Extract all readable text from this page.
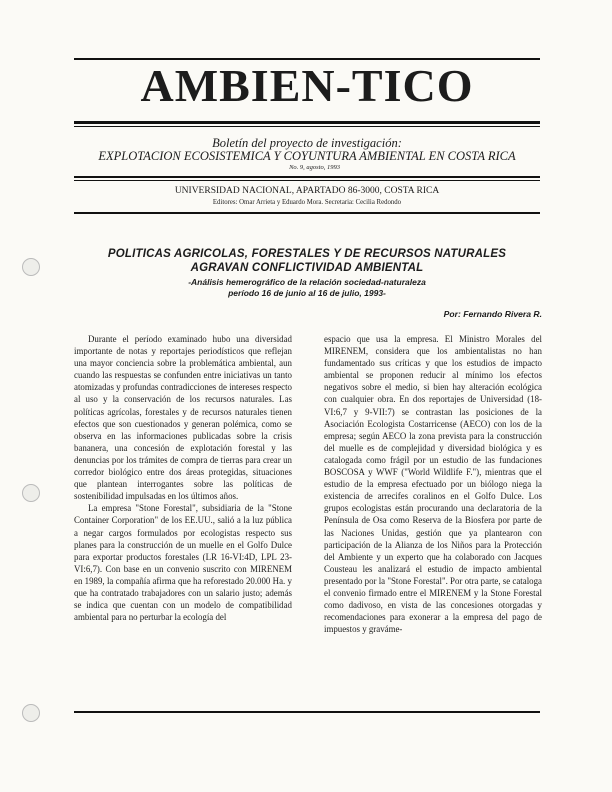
AMBIEN-TICO
Boletín del proyecto de investigación:
EXPLOTACION ECOSISTEMICA Y COYUNTURA AMBIENTAL EN COSTA RICA
No. 9, agosto, 1993
UNIVERSIDAD NACIONAL, APARTADO 86-3000, COSTA RICA
Editores: Omar Arrieta y Eduardo Mora. Secretaria: Cecilia Redondo
POLITICAS AGRICOLAS, FORESTALES Y DE RECURSOS NATURALES
AGRAVAN CONFLICTIVIDAD AMBIENTAL
-Análisis hemerográfico de la relación sociedad-naturaleza
período 16 de junio al 16 de julio, 1993-
Por: Fernando Rivera R.

Durante el período examinado hubo una diversidad importante de notas y reportajes periodísticos que reflejan una mayor conciencia sobre la problemática ambiental, aun cuando las respuestas se confunden entre iniciativas un tanto atomizadas y profundas contradicciones de intereses respecto al uso y la conservación de los recursos naturales. Las políticas agrícolas, forestales y de recursos naturales tienen efectos que son cuestionados y generan polémica, como se observa en las informaciones publicadas sobre la crisis bananera, una concesión de explotación forestal y las denuncias por los trámites de compra de tierras para crear un corredor biológico entre dos áreas protegidas, situaciones que plantean interrogantes sobre las políticas de sostenibilidad impulsadas en los últimos años.

La empresa "Stone Forestal", subsidiaria de la "Stone Container Corporation" de los EE.UU., salió a la luz pública a negar cargos formulados por ecologistas respecto sus planes para la construcción de un muelle en el Golfo Dulce para exportar productos forestales (LR 16-VI:4D, LPL 23-VI:6,7). Con base en un convenio suscrito con MIRENEM en 1989, la compañía afirma que ha reforestado 20.000 Ha. y que ha contratado trabajadores con un salario justo; además se indica que cuentan con un modelo de compatibilidad ambiental para no perturbar la ecología del

espacio que usa la empresa. El Ministro Morales del MIRENEM, considera que los ambientalistas no han fundamentado sus críticas y que los estudios de impacto ambiental se proponen reducir al mínimo los efectos negativos sobre el medio, si bien hay alteración ecológica con cualquier obra. En dos reportajes de Universidad (18-VI:6,7 y 9-VII:7) se contrastan las posiciones de la Asociación Ecologista Costarricense (AECO) con los de la empresa; según AECO la zona prevista para la construcción del muelle es de complejidad y diversidad biológica y es catalogada como frágil por un estudio de las fundaciones BOSCOSA y WWF ("World Wildlife F."), mientras que el estudio de la empresa efectuado por un biólogo niega la existencia de arrecifes coralinos en el Golfo Dulce. Los grupos ecologistas están procurando una declaratoria de la Península de Osa como Reserva de la Biosfera por parte de las Naciones Unidas, gestión que ya plantearon con participación de la Alianza de los Niños para la Protección del Ambiente y un experto que ha colaborado con Jacques Cousteau les analizará el estudio de impacto ambiental presentado por la "Stone Forestal". Por otra parte, se cataloga el convenio firmado entre el MIRENEM y la Stone Forestal como dadivoso, en vista de las concesiones otorgadas y recomendaciones para exonerar a la empresa del pago de impuestos y graváme-
